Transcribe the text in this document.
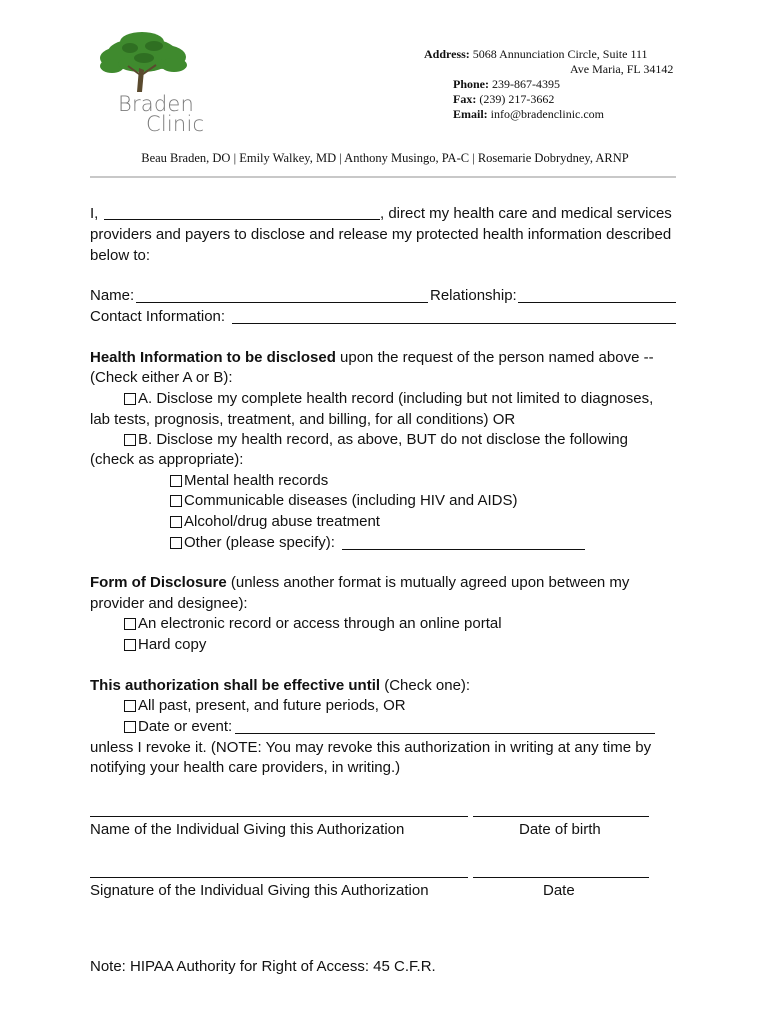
Braden
Clinic
Address: 5068 Annunciation Circle, Suite 111
Ave Maria, FL 34142
Phone: 239-867-4395
Fax: (239) 217-3662
Email: info@bradenclinic.com
Beau Braden, DO | Emily Walkey, MD | Anthony Musingo, PA-C | Rosemarie Dobrydney, ARNP
I,	, direct my health care and medical services
providers and payers to disclose and release my protected health information described
below to:
Name:	Relationship:
Contact Information:
Health Information to be disclosed upon the request of the person named above --
(Check either A or B):
A. Disclose my complete health record (including but not limited to diagnoses,
lab tests, prognosis, treatment, and billing, for all conditions) OR
B. Disclose my health record, as above, BUT do not disclose the following
(check as appropriate):
Mental health records
Communicable diseases (including HIV and AIDS)
Alcohol/drug abuse treatment
Other (please specify):
Form of Disclosure (unless another format is mutually agreed upon between my
provider and designee):
An electronic record or access through an online portal
Hard copy
This authorization shall be effective until (Check one):
All past, present, and future periods, OR
Date or event:
unless I revoke it. (NOTE: You may revoke this authorization in writing at any time by
notifying your health care providers, in writing.)
Name of the Individual Giving this Authorization	Date of birth
Signature of the Individual Giving this Authorization	Date
Note: HIPAA Authority for Right of Access: 45 C.F.R.
